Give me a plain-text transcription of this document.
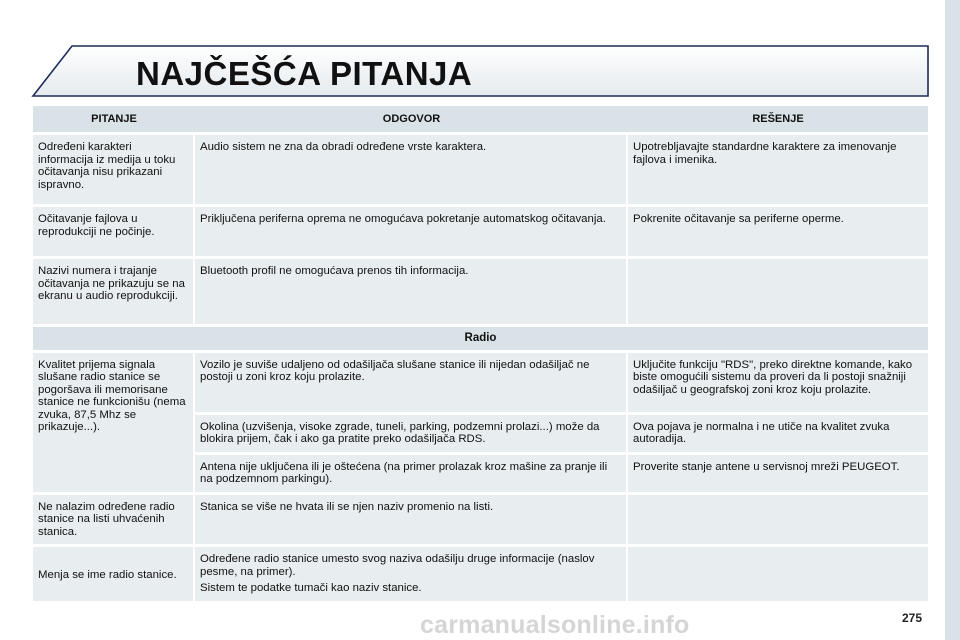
NAJČEŠĆA PITANJA
PITANJE	ODGOVOR	REŠENJE
Određeni karakteri informacija iz medija u toku očitavanja nisu prikazani ispravno.	Audio sistem ne zna da obradi određene vrste karaktera.	Upotrebljavajte standardne karaktere za imenovanje fajlova i imenika.
Očitavanje fajlova u reprodukciji ne počinje.	Priključena periferna oprema ne omogućava pokretanje automatskog očitavanja.	Pokrenite očitavanje sa periferne operme.
Nazivi numera i trajanje očitavanja ne prikazuju se na ekranu u audio reprodukciji.	Bluetooth profil ne omogućava prenos tih informacija.	
Radio		
Kvalitet prijema signala slušane radio stanice se pogoršava ili memorisane stanice ne funkcionišu (nema zvuka, 87,5 Mhz se prikazuje...).	Vozilo je suviše udaljeno od odašiljača slušane stanice ili nijedan odašiljač ne postoji u zoni kroz koju prolazite.	Uključite funkciju "RDS", preko direktne komande, kako biste omogućili sistemu da proveri da li postoji snažniji odašiljač u geografskoj zoni kroz koju prolazite.
	Okolina (uzvišenja, visoke zgrade, tuneli, parking, podzemni prolazi...) može da blokira prijem, čak i ako ga pratite preko odašiljača RDS.	Ova pojava je normalna i ne utiče na kvalitet zvuka autoradija.
	Antena nije uključena ili je oštećena (na primer prolazak kroz mašine za pranje ili na podzemnom parkingu).	Proverite stanje antene u servisnoj mreži PEUGEOT.
Ne nalazim određene radio stanice na listi uhvaćenih stanica.	Stanica se više ne hvata ili se njen naziv promenio na listi.	
Menja se ime radio stanice.	Određene radio stanice umesto svog naziva odašilju druge informacije (naslov pesme, na primer).
Sistem te podatke tumači kao naziv stanice.	

carmanualsonline.info	275
